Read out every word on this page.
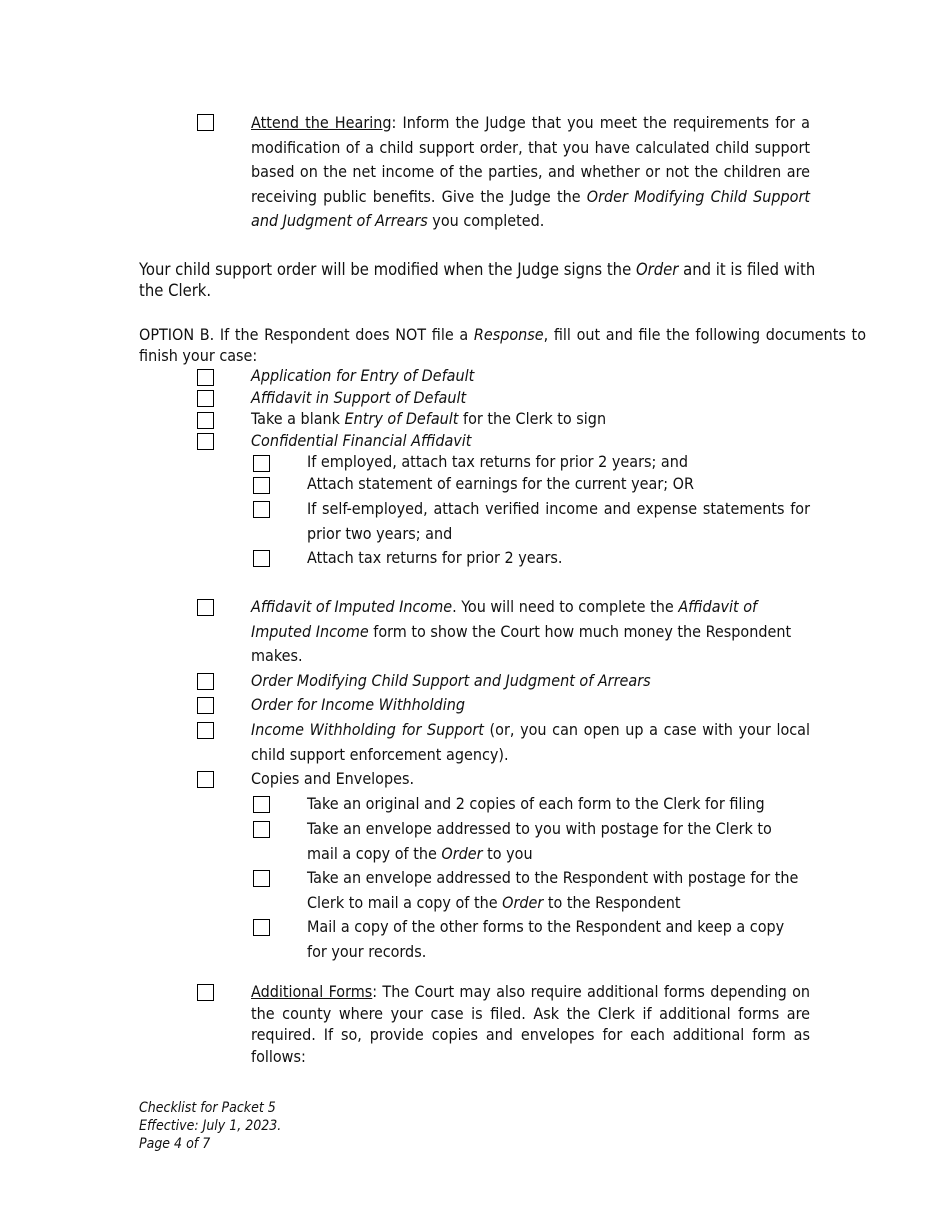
Attend the Hearing: Inform the Judge that you meet the requirements for a modification of a child support order, that you have calculated child support based on the net income of the parties, and whether or not the children are receiving public benefits. Give the Judge the Order Modifying Child Support and Judgment of Arrears you completed.
Your child support order will be modified when the Judge signs the Order and it is filed with the Clerk.
OPTION B. If the Respondent does NOT file a Response, fill out and file the following documents to finish your case:
Application for Entry of Default
Affidavit in Support of Default
Take a blank Entry of Default for the Clerk to sign
Confidential Financial Affidavit
If employed, attach tax returns for prior 2 years; and
Attach statement of earnings for the current year; OR
If self-employed, attach verified income and expense statements for prior two years; and
Attach tax returns for prior 2 years.
Affidavit of Imputed Income. You will need to complete the Affidavit of Imputed Income form to show the Court how much money the Respondent makes.
Order Modifying Child Support and Judgment of Arrears
Order for Income Withholding
Income Withholding for Support (or, you can open up a case with your local child support enforcement agency).
Copies and Envelopes.
Take an original and 2 copies of each form to the Clerk for filing
Take an envelope addressed to you with postage for the Clerk to mail a copy of the Order to you
Take an envelope addressed to the Respondent with postage for the Clerk to mail a copy of the Order to the Respondent
Mail a copy of the other forms to the Respondent and keep a copy for your records.
Additional Forms: The Court may also require additional forms depending on the county where your case is filed. Ask the Clerk if additional forms are required. If so, provide copies and envelopes for each additional form as follows:
Checklist for Packet 5
Effective: July 1, 2023.
Page 4 of 7
